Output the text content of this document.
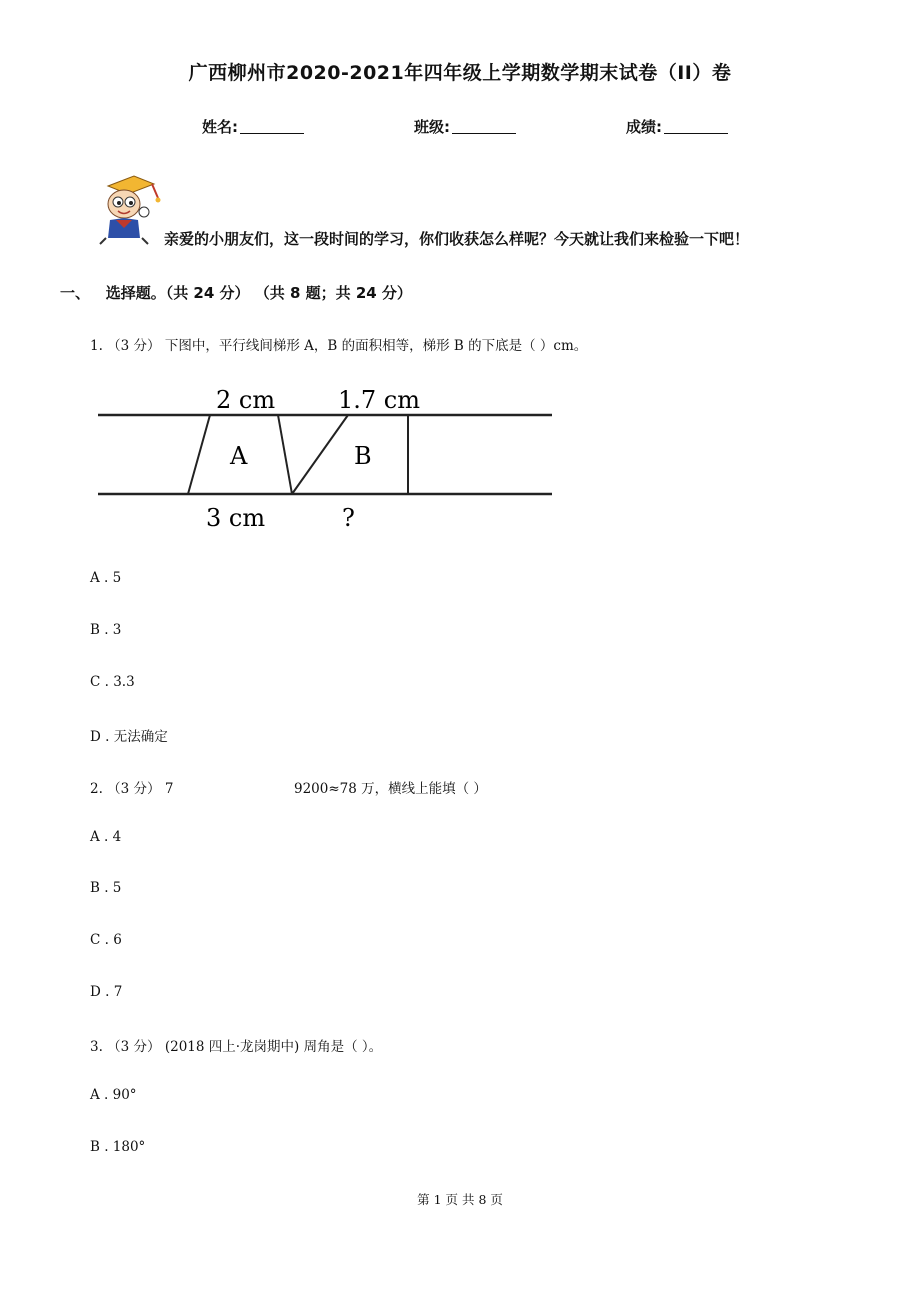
广西柳州市2020-2021年四年级上学期数学期末试卷（II）卷
姓名:	班级:	成绩:
亲爱的小朋友们，这一段时间的学习，你们收获怎么样呢？今天就让我们来检验一下吧！
一、 选择题。（共 24 分） （共 8 题；共 24 分）
1. （3 分） 下图中，平行线间梯形 A，B 的面积相等，梯形 B 的下底是（ ）cm。
2 cm	1.7 cm
A	B
3 cm	?
A . 5
B . 3
C . 3.3
D . 无法确定
2. （3 分） 7	9200≈78 万，横线上能填（ ）
A . 4
B . 5
C . 6
D . 7
3. （3 分） (2018 四上·龙岗期中) 周角是（ ）。
A . 90°
B . 180°
第 1 页 共 8 页
